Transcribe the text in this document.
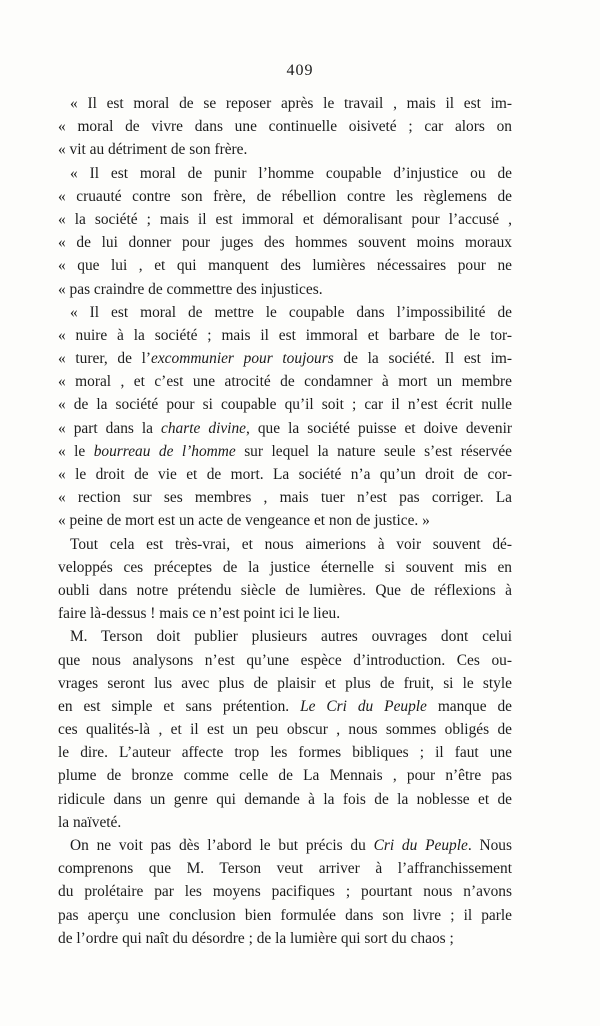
409
« Il est moral de se reposer après le travail , mais il est im-
« moral de vivre dans une continuelle oisiveté ; car alors on
« vit au détriment de son frère.
« Il est moral de punir l’homme coupable d’injustice ou de
« cruauté contre son frère, de rébellion contre les règlemens de
« la société ; mais il est immoral et démoralisant pour l’accusé ,
« de lui donner pour juges des hommes souvent moins moraux
« que lui , et qui manquent des lumières nécessaires pour ne
« pas craindre de commettre des injustices.
« Il est moral de mettre le coupable dans l’impossibilité de
« nuire à la société ; mais il est immoral et barbare de le tor-
« turer, de l’excommunier pour toujours de la société. Il est im-
« moral , et c’est une atrocité de condamner à mort un membre
« de la société pour si coupable qu’il soit ; car il n’est écrit nulle
« part dans la charte divine, que la société puisse et doive devenir
« le bourreau de l’homme sur lequel la nature seule s’est réservée
« le droit de vie et de mort. La société n’a qu’un droit de cor-
« rection sur ses membres , mais tuer n’est pas corriger. La
« peine de mort est un acte de vengeance et non de justice. »
Tout cela est très-vrai, et nous aimerions à voir souvent dé-
veloppés ces préceptes de la justice éternelle si souvent mis en
oubli dans notre prétendu siècle de lumières. Que de réflexions à
faire là-dessus ! mais ce n’est point ici le lieu.
M. Terson doit publier plusieurs autres ouvrages dont celui
que nous analysons n’est qu’une espèce d’introduction. Ces ou-
vrages seront lus avec plus de plaisir et plus de fruit, si le style
en est simple et sans prétention. Le Cri du Peuple manque de
ces qualités-là , et il est un peu obscur , nous sommes obligés de
le dire. L’auteur affecte trop les formes bibliques ; il faut une
plume de bronze comme celle de La Mennais , pour n’être pas
ridicule dans un genre qui demande à la fois de la noblesse et de
la naïveté.
On ne voit pas dès l’abord le but précis du Cri du Peuple. Nous
comprenons que M. Terson veut arriver à l’affranchissement
du prolétaire par les moyens pacifiques ; pourtant nous n’avons
pas aperçu une conclusion bien formulée dans son livre ; il parle
de l’ordre qui naît du désordre ; de la lumière qui sort du chaos ;
